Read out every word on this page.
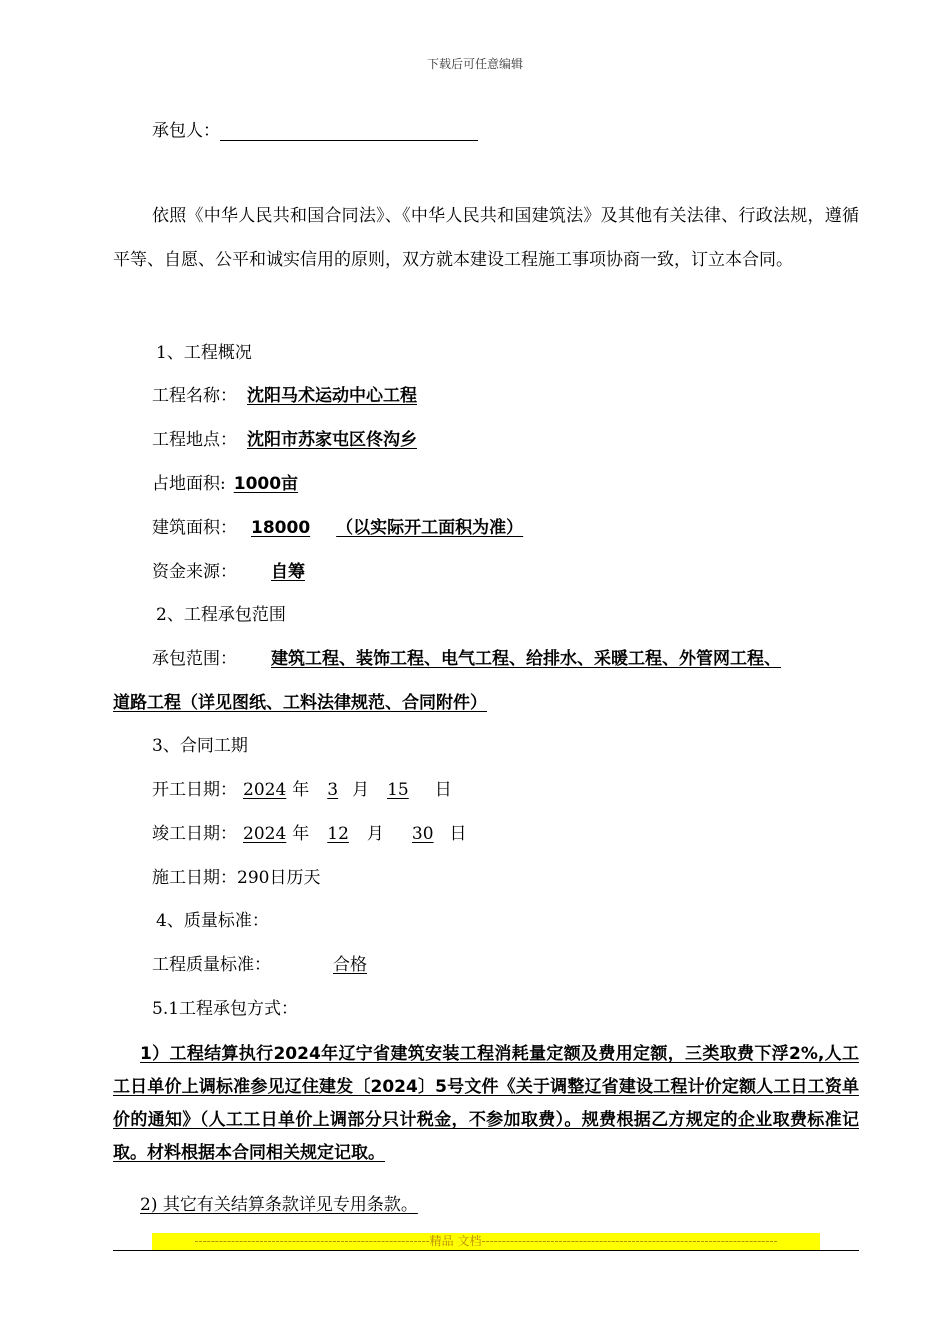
下载后可任意编辑
承包人：
依照《中华人民共和国合同法》、《中华人民共和国建筑法》及其他有关法律、行政法规，遵循平等、自愿、公平和诚实信用的原则，双方就本建设工程施工事项协商一致，订立本合同。
1、工程概况
工程名称： 沈阳马术运动中心工程
工程地点： 沈阳市苏家屯区佟沟乡
占地面积: 1000亩
建筑面积： 18000 （以实际开工面积为准）
资金来源： 自筹
2、工程承包范围
承包范围： 建筑工程、装饰工程、电气工程、给排水、采暖工程、外管网工程、
道路工程（详见图纸、工料法律规范、合同附件）
3、合同工期
开工日期： 2024 年 3 月 15 日
竣工日期： 2024 年 12 月 30 日
施工日期：290日历天
4、质量标准：
工程质量标准：	合格
5.1工程承包方式：
1）工程结算执行2024年辽宁省建筑安装工程消耗量定额及费用定额，三类取费下浮2%,人工工日单价上调标准参见辽住建发〔2024〕5号文件《关于调整辽省建设工程计价定额人工日工资单价的通知》（人工工日单价上调部分只计税金，不参加取费）。规费根据乙方规定的企业取费标准记取。材料根据本合同相关规定记取。
2) 其它有关结算条款详见专用条款。
----------------------------------------------------------精品 文档-------------------------------------------------------------------------
